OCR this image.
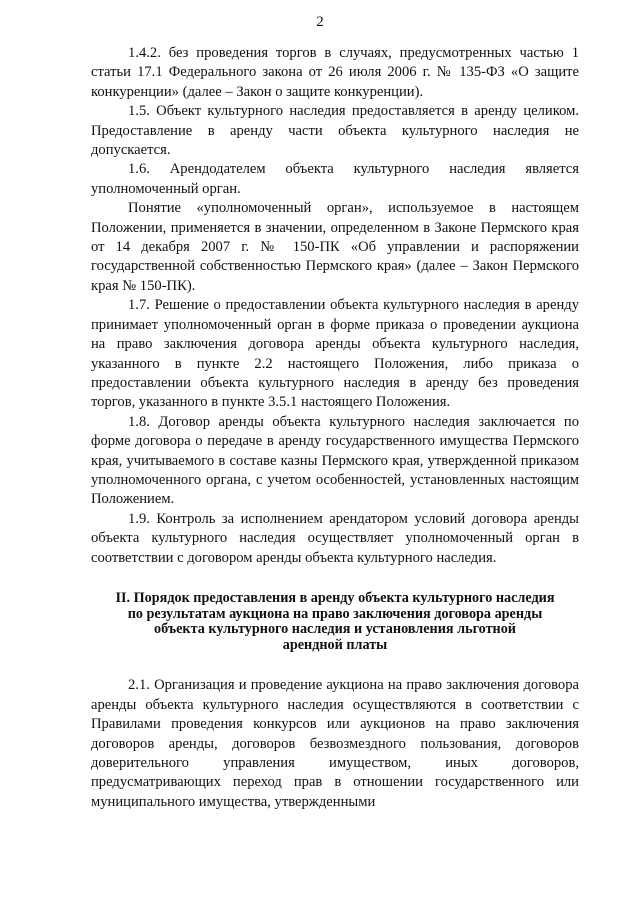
2

1.4.2. без проведения торгов в случаях, предусмотренных частью 1 статьи 17.1 Федерального закона от 26 июля 2006 г. № 135-ФЗ «О защите конкуренции» (далее – Закон о защите конкуренции).

1.5. Объект культурного наследия предоставляется в аренду целиком. Предоставление в аренду части объекта культурного наследия не допускается.

1.6. Арендодателем объекта культурного наследия является уполномоченный орган.

Понятие «уполномоченный орган», используемое в настоящем Положении, применяется в значении, определенном в Законе Пермского края от 14 декабря 2007 г. № 150-ПК «Об управлении и распоряжении государственной собственностью Пермского края» (далее – Закон Пермского края № 150-ПК).

1.7. Решение о предоставлении объекта культурного наследия в аренду принимает уполномоченный орган в форме приказа о проведении аукциона на право заключения договора аренды объекта культурного наследия, указанного в пункте 2.2 настоящего Положения, либо приказа о предоставлении объекта культурного наследия в аренду без проведения торгов, указанного в пункте 3.5.1 настоящего Положения.

1.8. Договор аренды объекта культурного наследия заключается по форме договора о передаче в аренду государственного имущества Пермского края, учитываемого в составе казны Пермского края, утвержденной приказом уполномоченного органа, с учетом особенностей, установленных настоящим Положением.

1.9. Контроль за исполнением арендатором условий договора аренды объекта культурного наследия осуществляет уполномоченный орган в соответствии с договором аренды объекта культурного наследия.

II. Порядок предоставления в аренду объекта культурного наследия
по результатам аукциона на право заключения договора аренды
объекта культурного наследия и установления льготной
арендной платы

2.1. Организация и проведение аукциона на право заключения договора аренды объекта культурного наследия осуществляются в соответствии с Правилами проведения конкурсов или аукционов на право заключения договоров аренды, договоров безвозмездного пользования, договоров доверительного управления имуществом, иных договоров, предусматривающих переход прав в отношении государственного или муниципального имущества, утвержденными
